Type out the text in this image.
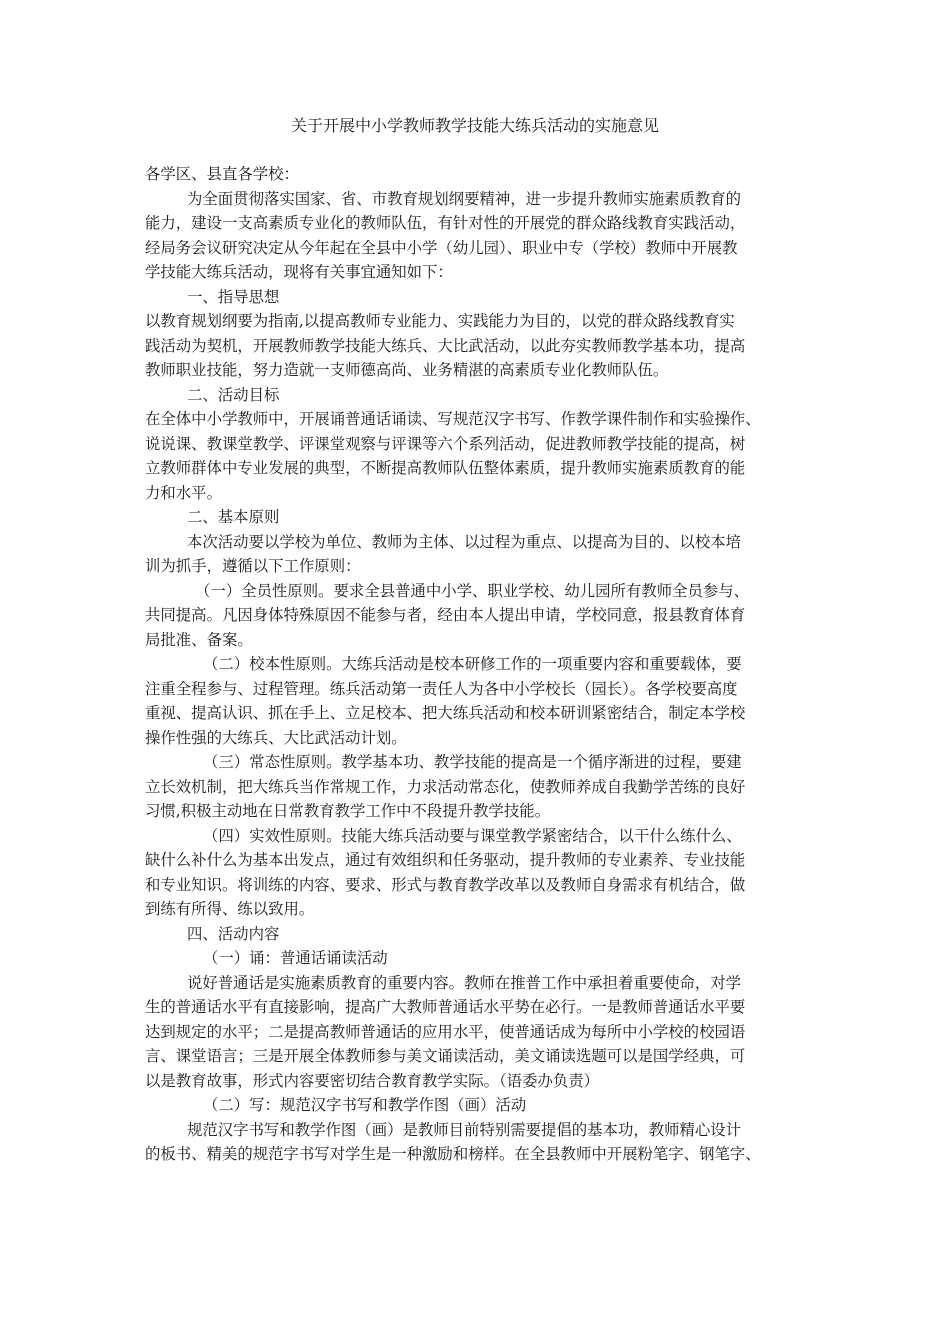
关于开展中小学教师教学技能大练兵活动的实施意见
各学区、县直各学校：
为全面贯彻落实国家、省、市教育规划纲要精神，进一步提升教师实施素质教育的
能力，建设一支高素质专业化的教师队伍，有针对性的开展党的群众路线教育实践活动，
经局务会议研究决定从今年起在全县中小学（幼儿园）、职业中专（学校）教师中开展教
学技能大练兵活动，现将有关事宜通知如下：
一、指导思想
以教育规划纲要为指南,以提高教师专业能力、实践能力为目的，以党的群众路线教育实
践活动为契机，开展教师教学技能大练兵、大比武活动，以此夯实教师教学基本功，提高
教师职业技能，努力造就一支师德高尚、业务精湛的高素质专业化教师队伍。
二、活动目标
在全体中小学教师中，开展诵普通话诵读、写规范汉字书写、作教学课件制作和实验操作、
说说课、教课堂教学、评课堂观察与评课等六个系列活动，促进教师教学技能的提高，树
立教师群体中专业发展的典型，不断提高教师队伍整体素质，提升教师实施素质教育的能
力和水平。
二、基本原则
本次活动要以学校为单位、教师为主体、以过程为重点、以提高为目的、以校本培
训为抓手，遵循以下工作原则：
（一）全员性原则。要求全县普通中小学、职业学校、幼儿园所有教师全员参与、
共同提高。凡因身体特殊原因不能参与者，经由本人提出申请，学校同意，报县教育体育
局批准、备案。
（二）校本性原则。大练兵活动是校本研修工作的一项重要内容和重要载体，要
注重全程参与、过程管理。练兵活动第一责任人为各中小学校长（园长）。各学校要高度
重视、提高认识、抓在手上、立足校本、把大练兵活动和校本研训紧密结合，制定本学校
操作性强的大练兵、大比武活动计划。
（三）常态性原则。教学基本功、教学技能的提高是一个循序渐进的过程，要建
立长效机制，把大练兵当作常规工作，力求活动常态化，使教师养成自我勤学苦练的良好
习惯,积极主动地在日常教育教学工作中不段提升教学技能。
（四）实效性原则。技能大练兵活动要与课堂教学紧密结合，以干什么练什么、
缺什么补什么为基本出发点，通过有效组织和任务驱动，提升教师的专业素养、专业技能
和专业知识。将训练的内容、要求、形式与教育教学改革以及教师自身需求有机结合，做
到练有所得、练以致用。
四、活动内容
（一）诵：普通话诵读活动
说好普通话是实施素质教育的重要内容。教师在推普工作中承担着重要使命，对学
生的普通话水平有直接影响，提高广大教师普通话水平势在必行。一是教师普通话水平要
达到规定的水平；二是提高教师普通话的应用水平，使普通话成为每所中小学校的校园语
言、课堂语言；三是开展全体教师参与美文诵读活动，美文诵读选题可以是国学经典，可
以是教育故事，形式内容要密切结合教育教学实际。（语委办负责）
（二）写：规范汉字书写和教学作图（画）活动
规范汉字书写和教学作图（画）是教师目前特别需要提倡的基本功，教师精心设计
的板书、精美的规范字书写对学生是一种激励和榜样。在全县教师中开展粉笔字、钢笔字、
